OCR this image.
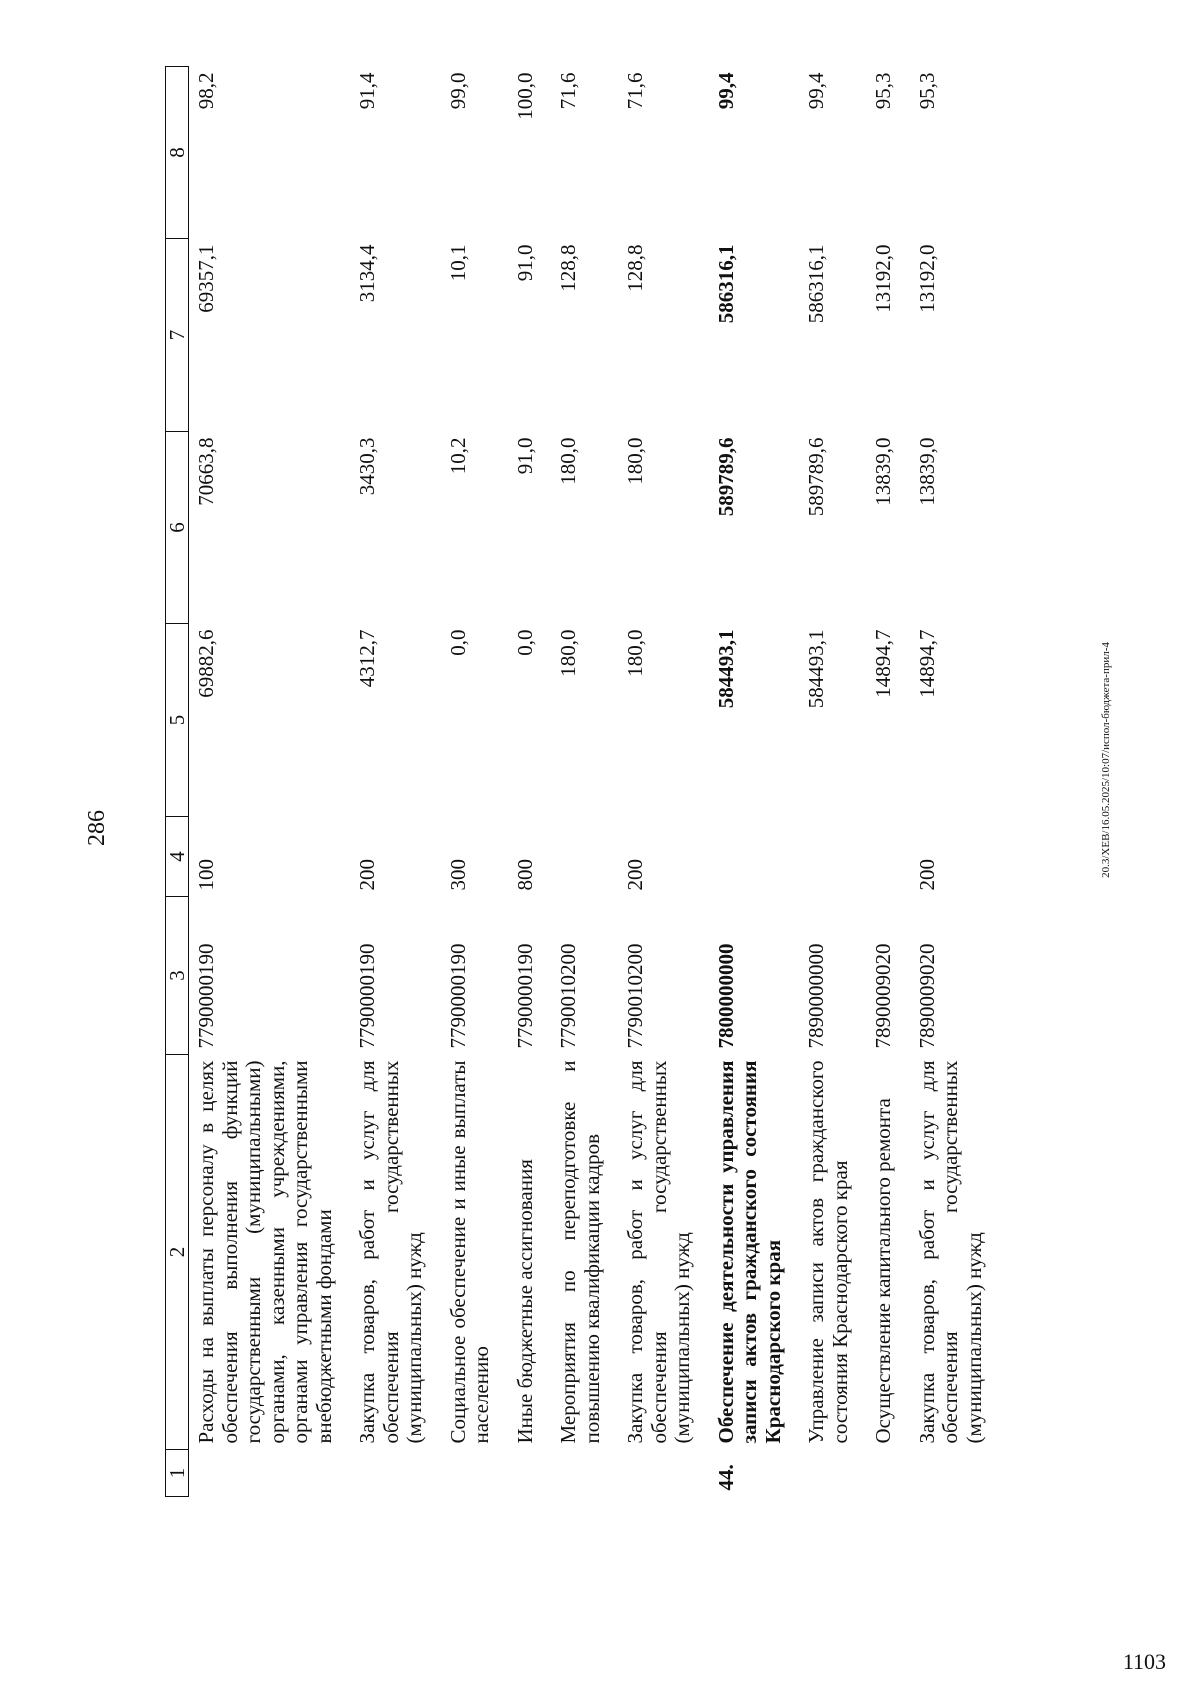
286
1	2	3	4	5	6	7	8
	Расходы на выплаты персоналу в целях обеспечения выполнения функций государственными (муниципальными) органами, казенными учреждениями, органами управления государственными внебюджетными фондами	7790000190	100	69882,6	70663,8	69357,1	98,2
	Закупка товаров, работ и услуг для обеспечения государственных (муниципальных) нужд	7790000190	200	4312,7	3430,3	3134,4	91,4
	Социальное обеспечение и иные выплаты населению	7790000190	300	0,0	10,2	10,1	99,0
	Иные бюджетные ассигнования	7790000190	800	0,0	91,0	91,0	100,0
	Мероприятия по переподготовке и повышению квалификации кадров	7790010200		180,0	180,0	128,8	71,6
	Закупка товаров, работ и услуг для обеспечения государственных (муниципальных) нужд	7790010200	200	180,0	180,0	128,8	71,6
44.	Обеспечение деятельности управления записи актов гражданского состояния Краснодарского края	7800000000		584493,1	589789,6	586316,1	99,4
	Управление записи актов гражданского состояния Краснодарского края	7890000000		584493,1	589789,6	586316,1	99,4
	Осуществление капитального ремонта	7890009020		14894,7	13839,0	13192,0	95,3
	Закупка товаров, работ и услуг для обеспечения государственных (муниципальных) нужд	7890009020	200	14894,7	13839,0	13192,0	95,3
20.3/XEB/16.05.2025/10:07/испол-бюджета-прил-4
1103
